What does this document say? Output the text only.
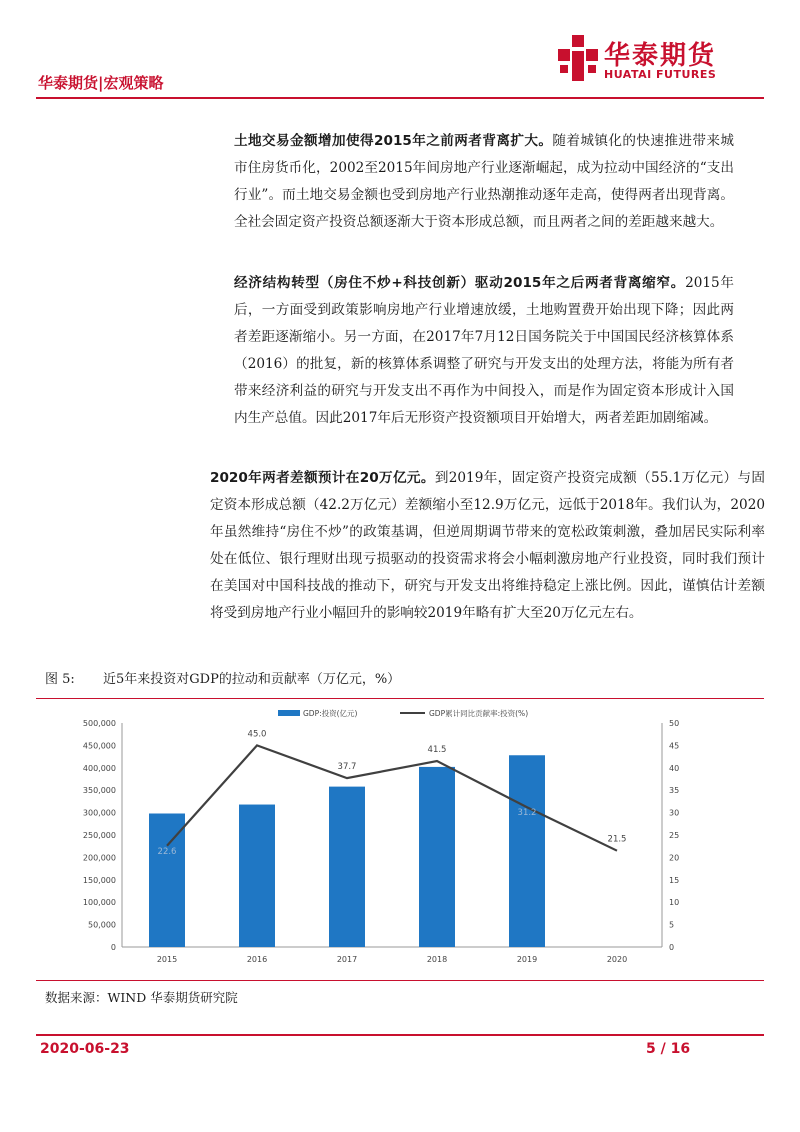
华泰期货|宏观策略
华泰期货
HUATAI FUTURES
土地交易金额增加使得2015年之前两者背离扩大。随着城镇化的快速推进带来城市住房货币化，2002至2015年间房地产行业逐渐崛起，成为拉动中国经济的“支出行业”。而土地交易金额也受到房地产行业热潮推动逐年走高，使得两者出现背离。全社会固定资产投资总额逐渐大于资本形成总额，而且两者之间的差距越来越大。
经济结构转型（房住不炒+科技创新）驱动2015年之后两者背离缩窄。2015年后，一方面受到政策影响房地产行业增速放缓，土地购置费开始出现下降；因此两者差距逐渐缩小。另一方面，在2017年7月12日国务院关于中国国民经济核算体系（2016）的批复，新的核算体系调整了研究与开发支出的处理方法，将能为所有者带来经济利益的研究与开发支出不再作为中间投入，而是作为固定资本形成计入国内生产总值。因此2017年后无形资产投资额项目开始增大，两者差距加剧缩减。
2020年两者差额预计在20万亿元。到2019年，固定资产投资完成额（55.1万亿元）与固定资本形成总额（42.2万亿元）差额缩小至12.9万亿元，远低于2018年。我们认为，2020年虽然维持“房住不炒”的政策基调，但逆周期调节带来的宽松政策刺激，叠加居民实际利率处在低位、银行理财出现亏损驱动的投资需求将会小幅刺激房地产行业投资，同时我们预计在美国对中国科技战的推动下，研究与开发支出将维持稳定上涨比例。因此，谨慎估计差额将受到房地产行业小幅回升的影响较2019年略有扩大至20万亿元左右。
图 5: 近5年来投资对GDP的拉动和贡献率（万亿元，%）
0
50,000
100,000
150,000
200,000
250,000
300,000
350,000
400,000
450,000
500,000
0
5
10
15
20
25
30
35
40
45
50
2015	2016	2017	2018	2019	2020
22.6
45.0
37.7
41.5
31.2
21.5
GDP:投资(亿元)	GDP累计同比贡献率:投资(%)
数据来源：WIND 华泰期货研究院
2020-06-23	5 / 16
